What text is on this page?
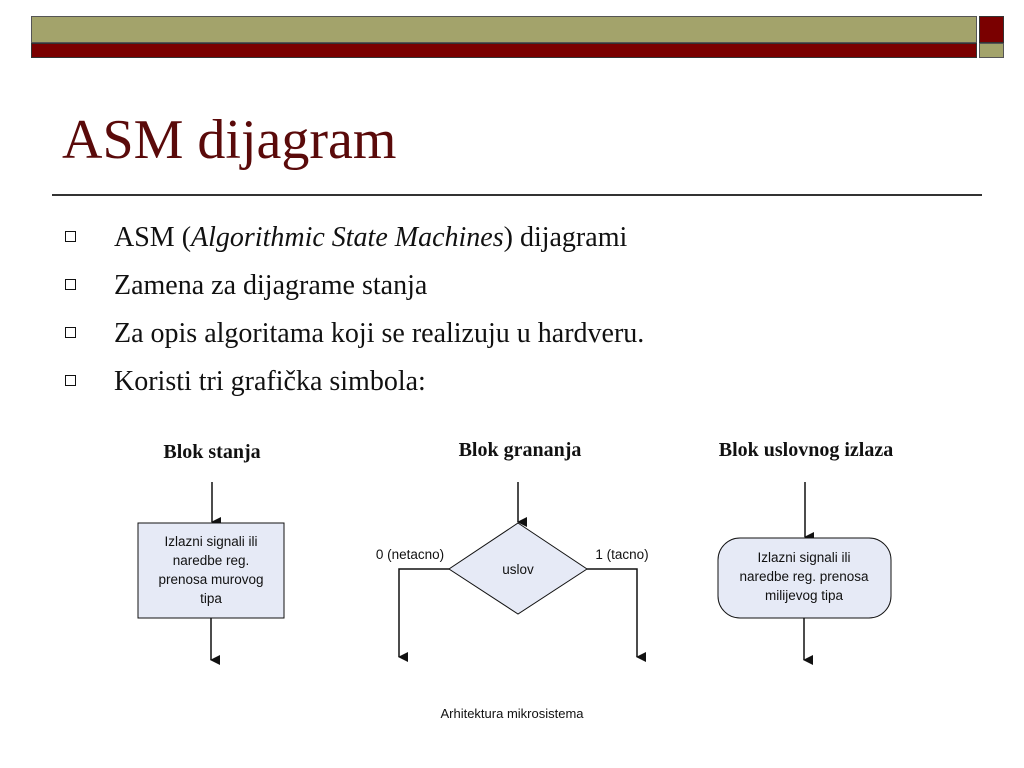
ASM dijagram
ASM (Algorithmic State Machines) dijagrami
Zamena za dijagrame stanja
Za opis algoritama koji se realizuju u hardveru.
Koristi tri grafička simbola:
Blok stanja
Izlazni signali ili
naredbe reg.
prenosa murovog
tipa
Blok grananja
uslov
0 (netacno)	1 (tacno)
Blok uslovnog izlaza
Izlazni signali ili
naredbe reg. prenosa
milijevog tipa
Arhitektura mikrosistema
